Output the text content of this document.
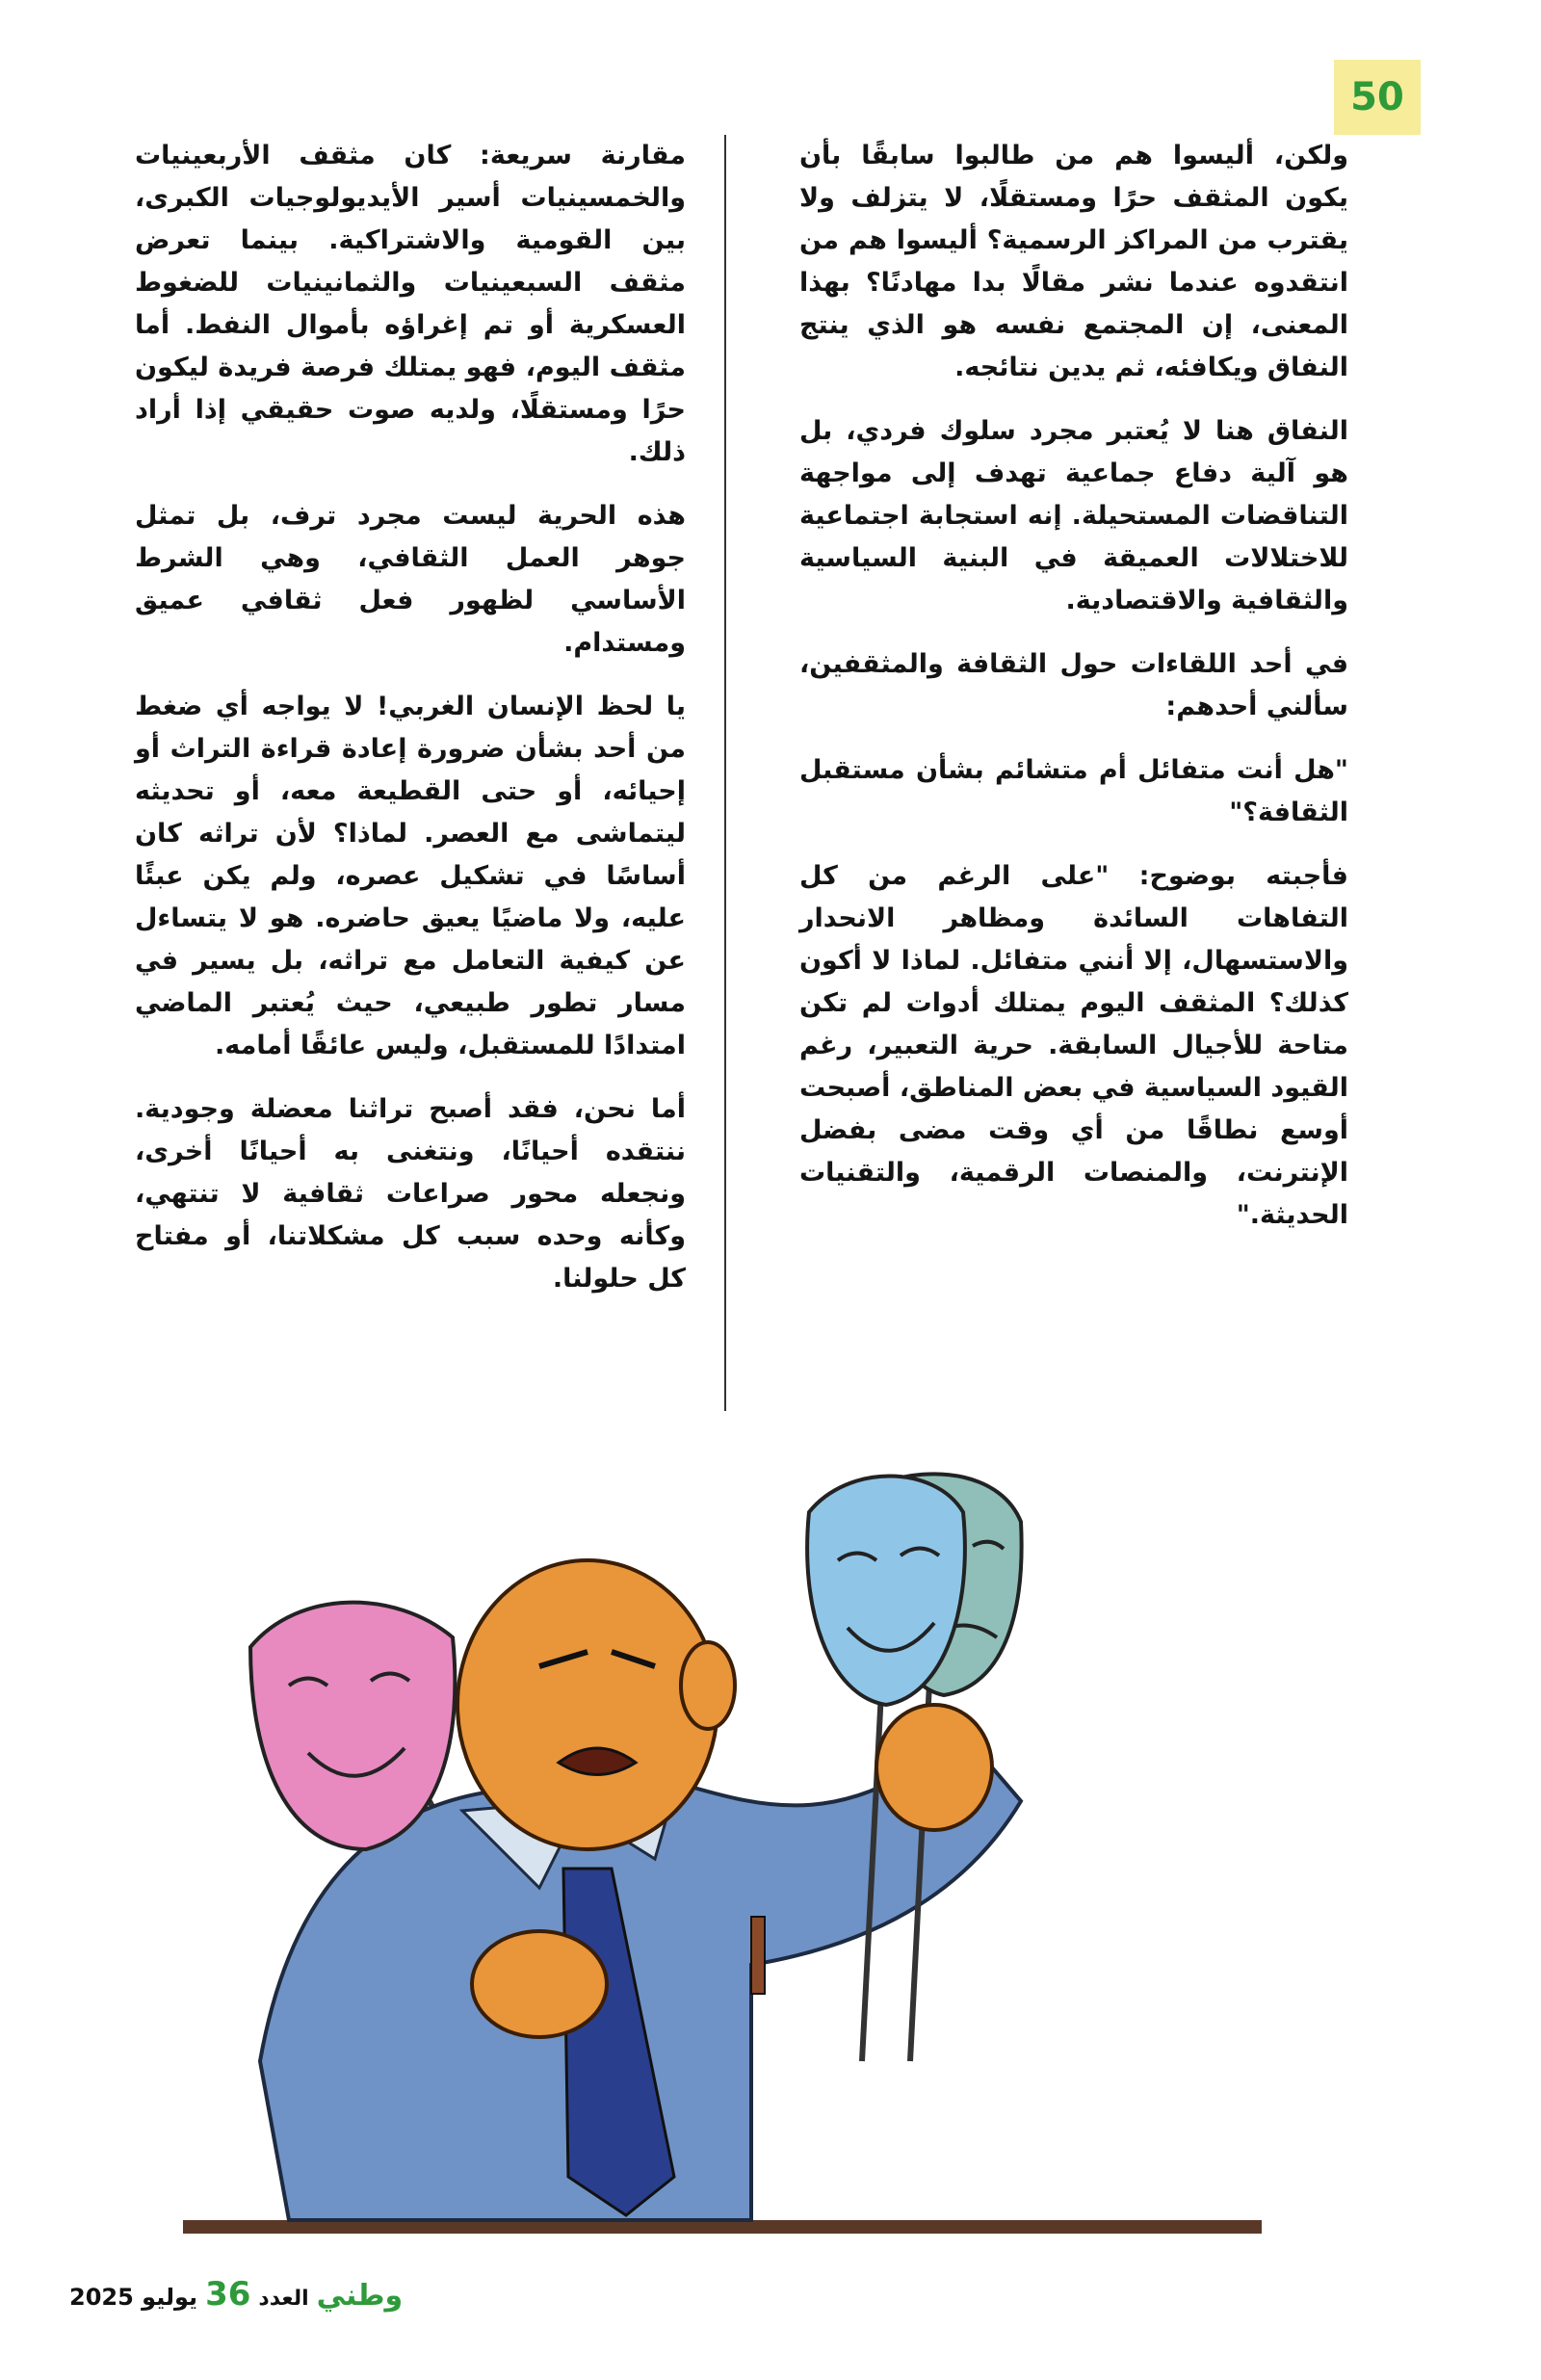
50

ولكن، أليسوا هم من طالبوا سابقًا بأن يكون المثقف حرًا ومستقلًا، لا يتزلف ولا يقترب من المراكز الرسمية؟ أليسوا هم من انتقدوه عندما نشر مقالًا بدا مهادنًا؟ بهذا المعنى، إن المجتمع نفسه هو الذي ينتج النفاق ويكافئه، ثم يدين نتائجه.

النفاق هنا لا يُعتبر مجرد سلوك فردي، بل هو آلية دفاع جماعية تهدف إلى مواجهة التناقضات المستحيلة. إنه استجابة اجتماعية للاختلالات العميقة في البنية السياسية والثقافية والاقتصادية.

في أحد اللقاءات حول الثقافة والمثقفين، سألني أحدهم:

"هل أنت متفائل أم متشائم بشأن مستقبل الثقافة؟"

فأجبته بوضوح: "على الرغم من كل التفاهات السائدة ومظاهر الانحدار والاستسهال، إلا أنني متفائل. لماذا لا أكون كذلك؟ المثقف اليوم يمتلك أدوات لم تكن متاحة للأجيال السابقة. حرية التعبير، رغم القيود السياسية في بعض المناطق، أصبحت أوسع نطاقًا من أي وقت مضى بفضل الإنترنت، والمنصات الرقمية، والتقنيات الحديثة."

مقارنة سريعة: كان مثقف الأربعينيات والخمسينيات أسير الأيديولوجيات الكبرى، بين القومية والاشتراكية. بينما تعرض مثقف السبعينيات والثمانينيات للضغوط العسكرية أو تم إغراؤه بأموال النفط. أما مثقف اليوم، فهو يمتلك فرصة فريدة ليكون حرًا ومستقلًا، ولديه صوت حقيقي إذا أراد ذلك.

هذه الحرية ليست مجرد ترف، بل تمثل جوهر العمل الثقافي، وهي الشرط الأساسي لظهور فعل ثقافي عميق ومستدام.

يا لحظ الإنسان الغربي! لا يواجه أي ضغط من أحد بشأن ضرورة إعادة قراءة التراث أو إحيائه، أو حتى القطيعة معه، أو تحديثه ليتماشى مع العصر. لماذا؟ لأن تراثه كان أساسًا في تشكيل عصره، ولم يكن عبئًا عليه، ولا ماضيًا يعيق حاضره. هو لا يتساءل عن كيفية التعامل مع تراثه، بل يسير في مسار تطور طبيعي، حيث يُعتبر الماضي امتدادًا للمستقبل، وليس عائقًا أمامه.

أما نحن، فقد أصبح تراثنا معضلة وجودية. ننتقده أحيانًا، ونتغنى به أحيانًا أخرى، ونجعله محور صراعات ثقافية لا تنتهي، وكأنه وحده سبب كل مشكلاتنا، أو مفتاح كل حلولنا.

وطني
العدد
36
يوليو 2025
